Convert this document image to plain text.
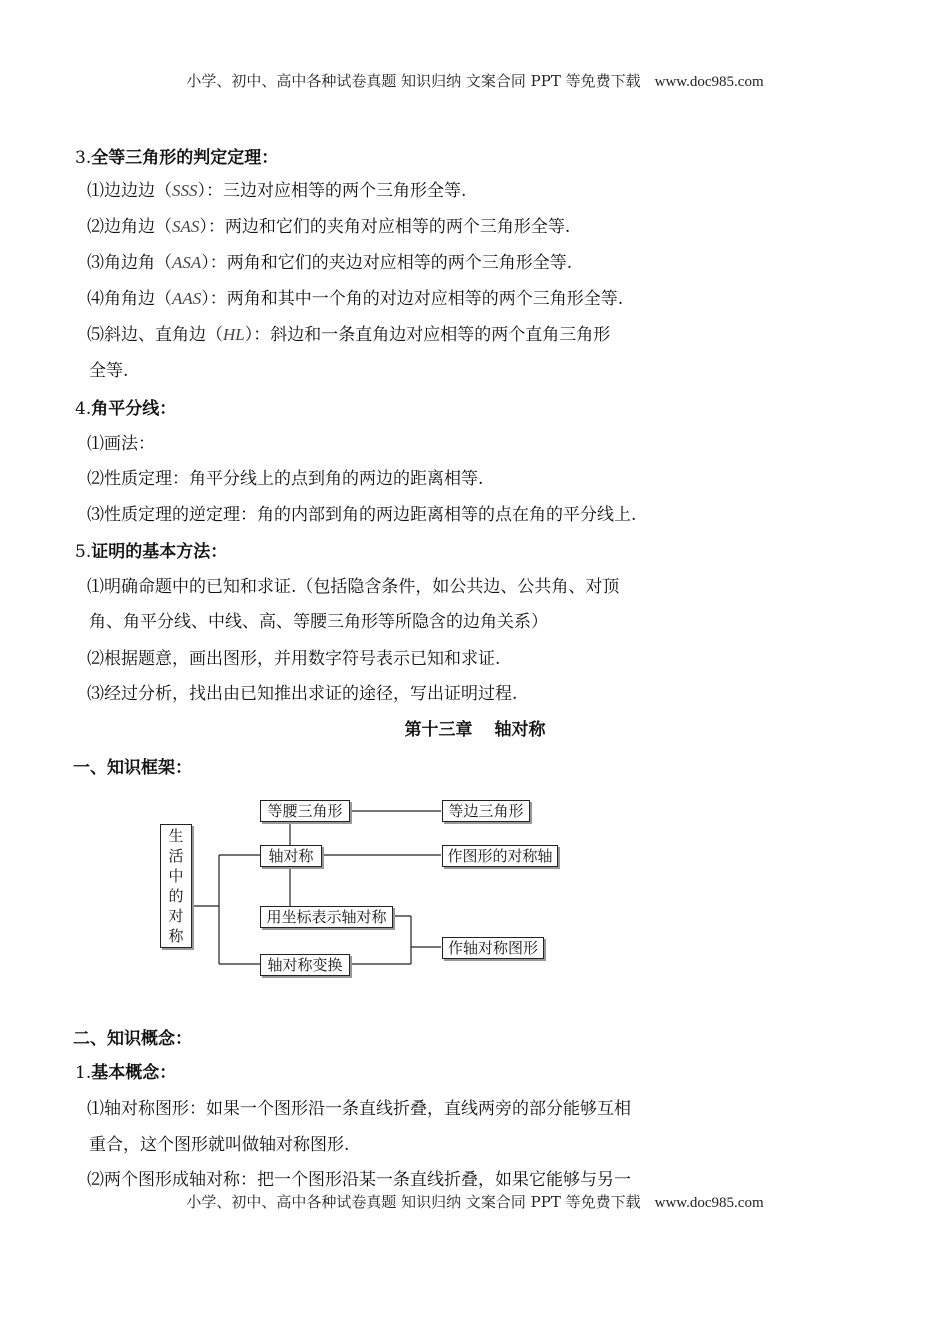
小学、初中、高中各种试卷真题 知识归纳 文案合同 PPT 等免费下载 www.doc985.com
3.全等三角形的判定定理：
⑴边边边（SSS）：三边对应相等的两个三角形全等.
⑵边角边（SAS）：两边和它们的夹角对应相等的两个三角形全等.
⑶角边角（ASA）：两角和它们的夹边对应相等的两个三角形全等.
⑷角角边（AAS）：两角和其中一个角的对边对应相等的两个三角形全等.
⑸斜边、直角边（HL）：斜边和一条直角边对应相等的两个直角三角形
全等.
4.角平分线：
⑴画法：
⑵性质定理：角平分线上的点到角的两边的距离相等.
⑶性质定理的逆定理：角的内部到角的两边距离相等的点在角的平分线上.
5.证明的基本方法：
⑴明确命题中的已知和求证.（包括隐含条件，如公共边、公共角、对顶
角、角平分线、中线、高、等腰三角形等所隐含的边角关系）
⑵根据题意，画出图形，并用数字符号表示已知和求证.
⑶经过分析，找出由已知推出求证的途径，写出证明过程.
第十三章 轴对称
一、知识框架：
生
活
中
的
对
称
等腰三角形	等边三角形
轴对称	作图形的对称轴
用坐标表示轴对称
作轴对称图形
轴对称变换
二、知识概念：
1.基本概念：
⑴轴对称图形：如果一个图形沿一条直线折叠，直线两旁的部分能够互相
重合，这个图形就叫做轴对称图形.
⑵两个图形成轴对称：把一个图形沿某一条直线折叠，如果它能够与另一
小学、初中、高中各种试卷真题 知识归纳 文案合同 PPT 等免费下载 www.doc985.com
